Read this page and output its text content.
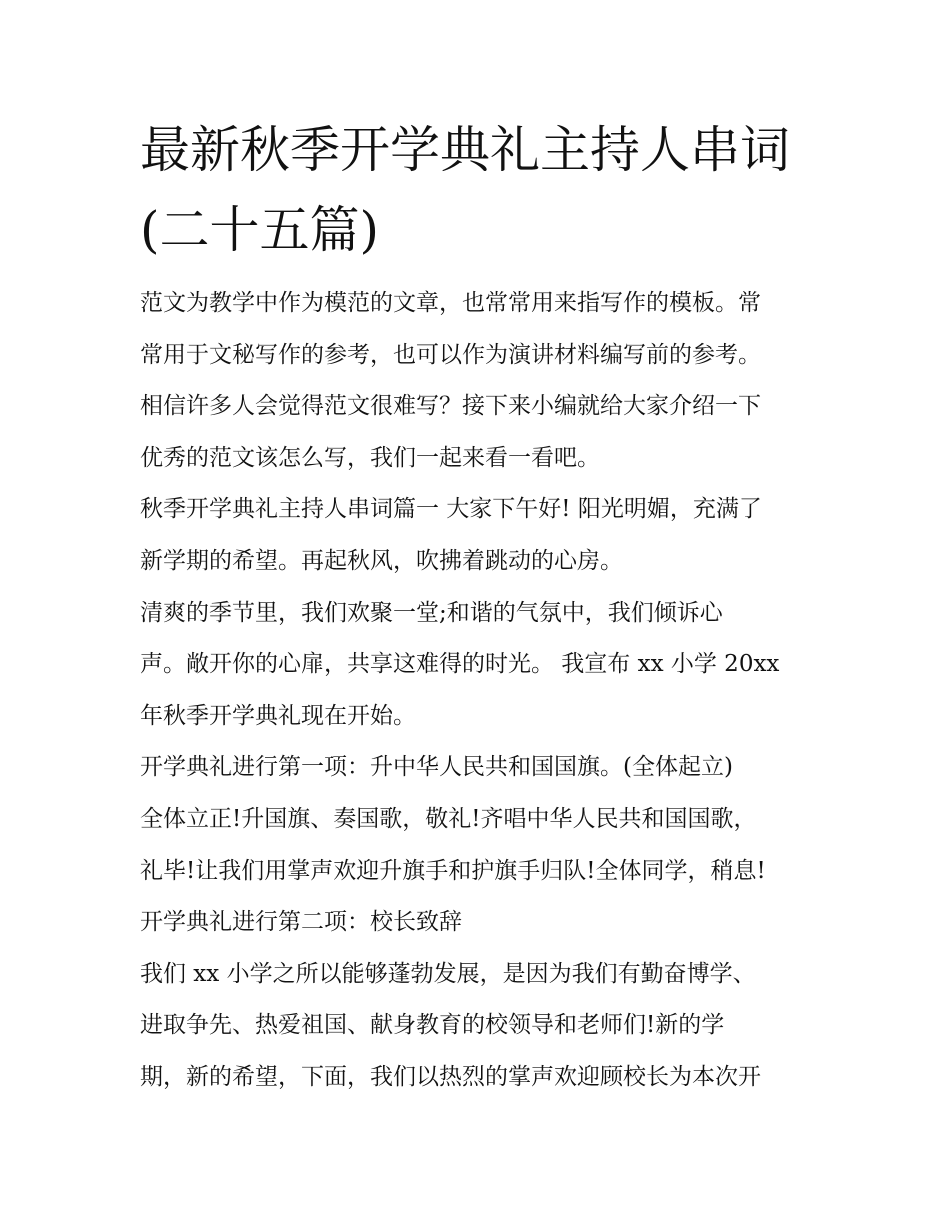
最新秋季开学典礼主持人串词
(二十五篇)
范文为教学中作为模范的文章，也常常用来指写作的模板。常
常用于文秘写作的参考，也可以作为演讲材料编写前的参考。
相信许多人会觉得范文很难写？接下来小编就给大家介绍一下
优秀的范文该怎么写，我们一起来看一看吧。
秋季开学典礼主持人串词篇一 大家下午好! 阳光明媚，充满了
新学期的希望。再起秋风，吹拂着跳动的心房。
清爽的季节里，我们欢聚一堂;和谐的气氛中，我们倾诉心
声。敞开你的心扉，共享这难得的时光。 我宣布 xx 小学 20xx
年秋季开学典礼现在开始。
开学典礼进行第一项：升中华人民共和国国旗。(全体起立)
全体立正!升国旗、奏国歌，敬礼!齐唱中华人民共和国国歌，
礼毕!让我们用掌声欢迎升旗手和护旗手归队!全体同学，稍息!
开学典礼进行第二项：校长致辞
我们 xx 小学之所以能够蓬勃发展，是因为我们有勤奋博学、
进取争先、热爱祖国、献身教育的校领导和老师们!新的学
期，新的希望，下面，我们以热烈的掌声欢迎顾校长为本次开
